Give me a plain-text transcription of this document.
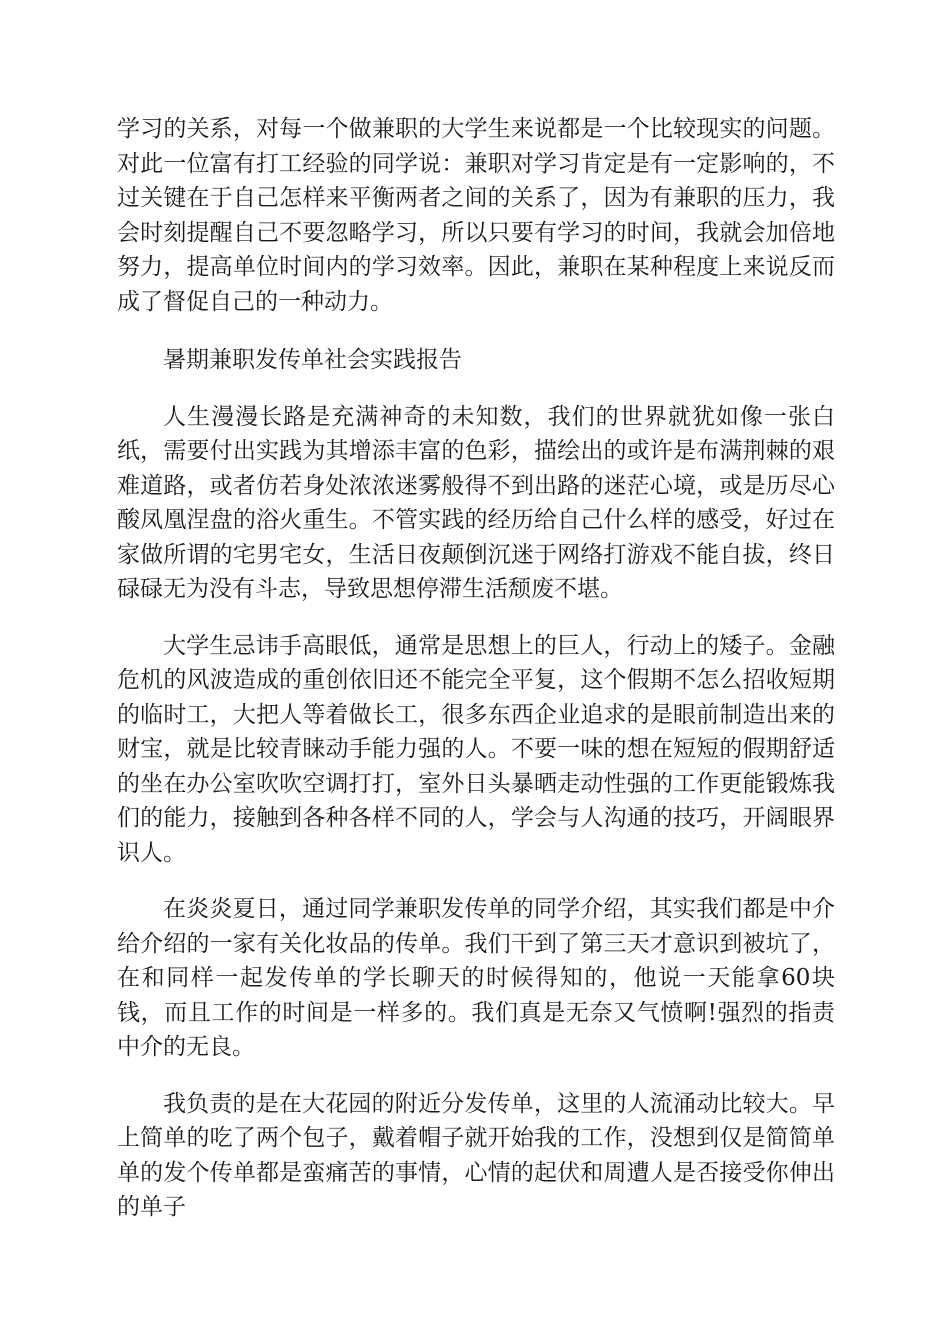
学习的关系，对每一个做兼职的大学生来说都是一个比较现实的问题。对此一位富有打工经验的同学说：兼职对学习肯定是有一定影响的，不过关键在于自己怎样来平衡两者之间的关系了，因为有兼职的压力，我会时刻提醒自己不要忽略学习，所以只要有学习的时间，我就会加倍地努力，提高单位时间内的学习效率。因此，兼职在某种程度上来说反而成了督促自己的一种动力。

暑期兼职发传单社会实践报告

人生漫漫长路是充满神奇的未知数，我们的世界就犹如像一张白纸，需要付出实践为其增添丰富的色彩，描绘出的或许是布满荆棘的艰难道路，或者仿若身处浓浓迷雾般得不到出路的迷茫心境，或是历尽心酸凤凰涅盘的浴火重生。不管实践的经历给自己什么样的感受，好过在家做所谓的宅男宅女，生活日夜颠倒沉迷于网络打游戏不能自拔，终日碌碌无为没有斗志，导致思想停滞生活颓废不堪。

大学生忌讳手高眼低，通常是思想上的巨人，行动上的矮子。金融危机的风波造成的重创依旧还不能完全平复，这个假期不怎么招收短期的临时工，大把人等着做长工，很多东西企业追求的是眼前制造出来的财宝，就是比较青睐动手能力强的人。不要一味的想在短短的假期舒适的坐在办公室吹吹空调打打，室外日头暴晒走动性强的工作更能锻炼我们的能力，接触到各种各样不同的人，学会与人沟通的技巧，开阔眼界识人。

在炎炎夏日，通过同学兼职发传单的同学介绍，其实我们都是中介给介绍的一家有关化妆品的传单。我们干到了第三天才意识到被坑了，在和同样一起发传单的学长聊天的时候得知的，他说一天能拿60块钱，而且工作的时间是一样多的。我们真是无奈又气愤啊!强烈的指责中介的无良。

我负责的是在大花园的附近分发传单，这里的人流涌动比较大。早上简单的吃了两个包子，戴着帽子就开始我的工作，没想到仅是简简单单的发个传单都是蛮痛苦的事情，心情的起伏和周遭人是否接受你伸出的单子
